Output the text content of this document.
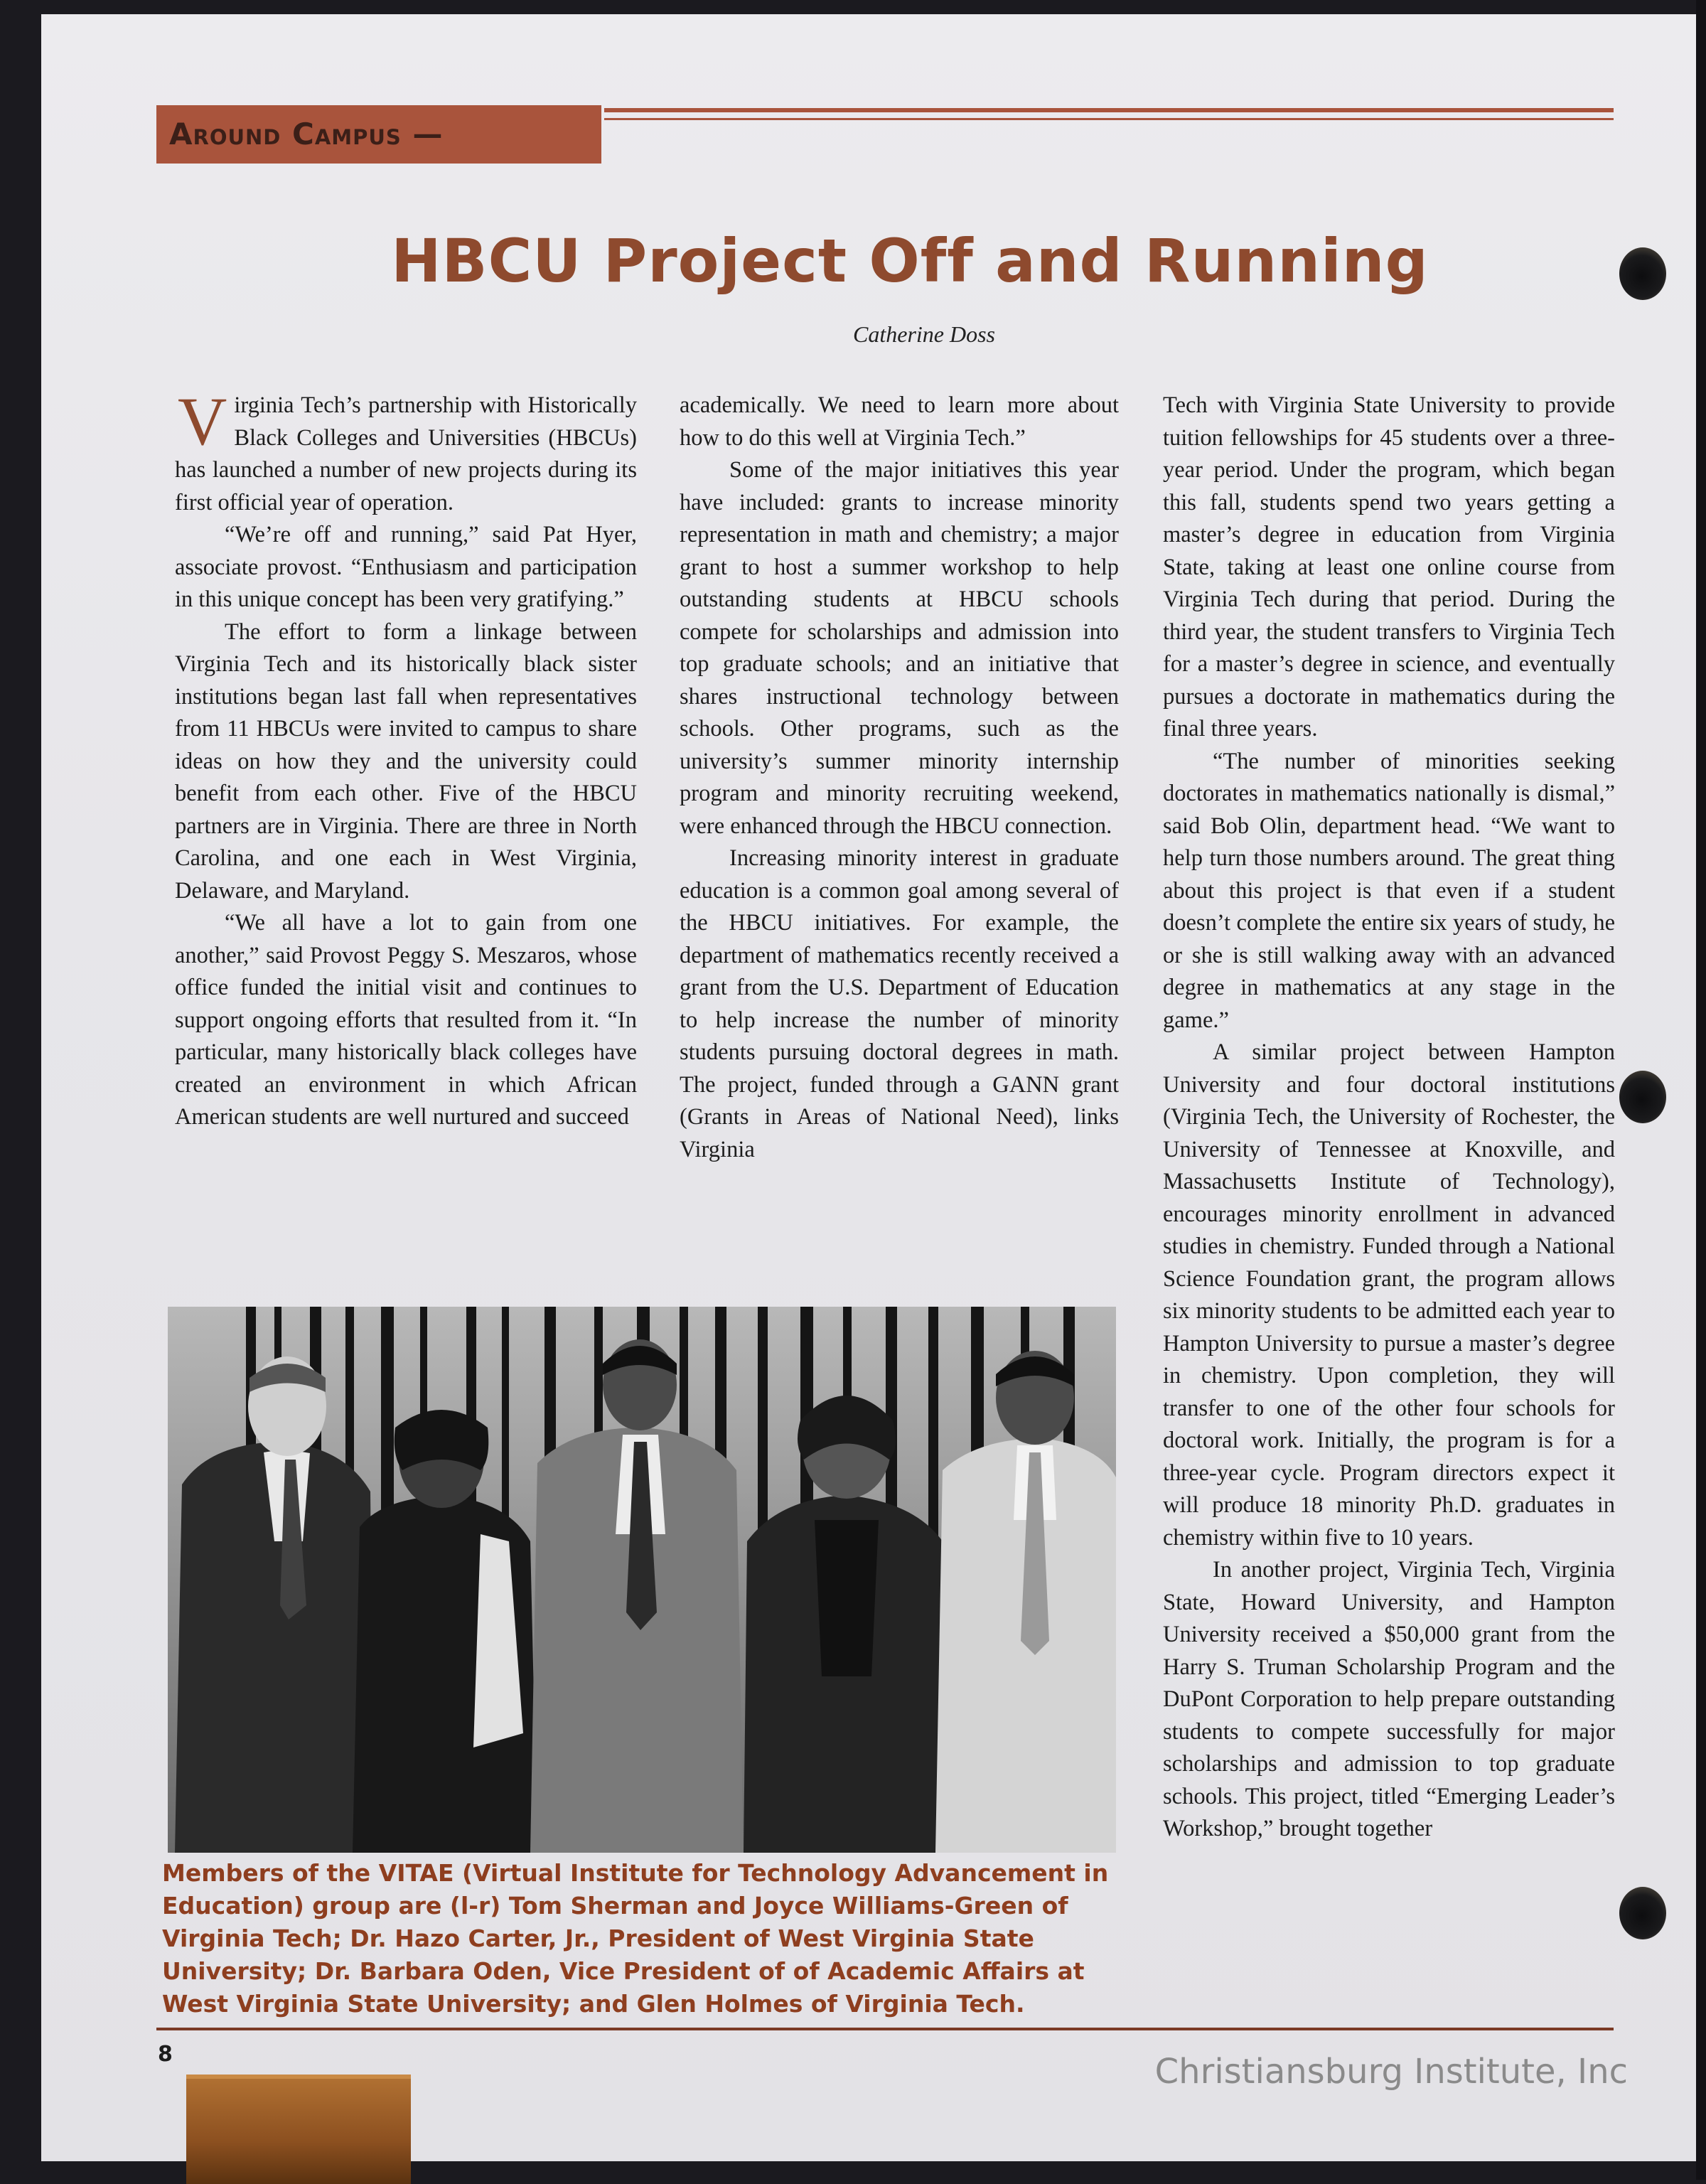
Around Campus —
HBCU Project Off and Running
Catherine Doss

Virginia Tech’s partnership with Historically Black Colleges and Universities (HBCUs) has launched a number of new projects during its first official year of operation.

“We’re off and running,” said Pat Hyer, associate provost. “Enthusiasm and participation in this unique concept has been very gratifying.”

The effort to form a linkage between Virginia Tech and its historically black sister institutions began last fall when representatives from 11 HBCUs were invited to campus to share ideas on how they and the university could benefit from each other. Five of the HBCU partners are in Virginia. There are three in North Carolina, and one each in West Virginia, Delaware, and Maryland.

“We all have a lot to gain from one another,” said Provost Peggy S. Meszaros, whose office funded the initial visit and continues to support ongoing efforts that resulted from it. “In particular, many historically black colleges have created an environment in which African American students are well nurtured and succeed

academically. We need to learn more about how to do this well at Virginia Tech.”

Some of the major initiatives this year have included: grants to increase minority representation in math and chemistry; a major grant to host a summer workshop to help outstanding students at HBCU schools compete for scholarships and admission into top graduate schools; and an initiative that shares instructional technology between schools. Other programs, such as the university’s summer minority internship program and minority recruiting weekend, were enhanced through the HBCU connection.

Increasing minority interest in graduate education is a common goal among several of the HBCU initiatives. For example, the department of mathematics recently received a grant from the U.S. Department of Education to help increase the number of minority students pursuing doctoral degrees in math. The project, funded through a GANN grant (Grants in Areas of National Need), links Virginia

Tech with Virginia State University to provide tuition fellowships for 45 students over a three-year period. Under the program, which began this fall, students spend two years getting a master’s degree in education from Virginia State, taking at least one online course from Virginia Tech during that period. During the third year, the student transfers to Virginia Tech for a master’s degree in science, and eventually pursues a doctorate in mathematics during the final three years.

“The number of minorities seeking doctorates in mathematics nationally is dismal,” said Bob Olin, department head. “We want to help turn those numbers around. The great thing about this project is that even if a student doesn’t complete the entire six years of study, he or she is still walking away with an advanced degree in mathematics at any stage in the game.”

A similar project between Hampton University and four doctoral institutions (Virginia Tech, the University of Rochester, the University of Tennessee at Knoxville, and Massachusetts Institute of Technology), encourages minority enrollment in advanced studies in chemistry. Funded through a National Science Foundation grant, the program allows six minority students to be admitted each year to Hampton University to pursue a master’s degree in chemistry. Upon completion, they will transfer to one of the other four schools for doctoral work. Initially, the program is for a three-year cycle. Program directors expect it will produce 18 minority Ph.D. graduates in chemistry within five to 10 years.

In another project, Virginia Tech, Virginia State, Howard University, and Hampton University received a $50,000 grant from the Harry S. Truman Scholarship Program and the DuPont Corporation to help prepare outstanding students to compete successfully for major scholarships and admission to top graduate schools. This project, titled “Emerging Leader’s Workshop,” brought together

Members of the VITAE (Virtual Institute for Technology Advancement in Education) group are (l-r) Tom Sherman and Joyce Williams-Green of Virginia Tech; Dr. Hazo Carter, Jr., President of West Virginia State University; Dr. Barbara Oden, Vice President of of Academic Affairs at West Virginia State University; and Glen Holmes of Virginia Tech.
8	Christiansburg Institute, Inc
